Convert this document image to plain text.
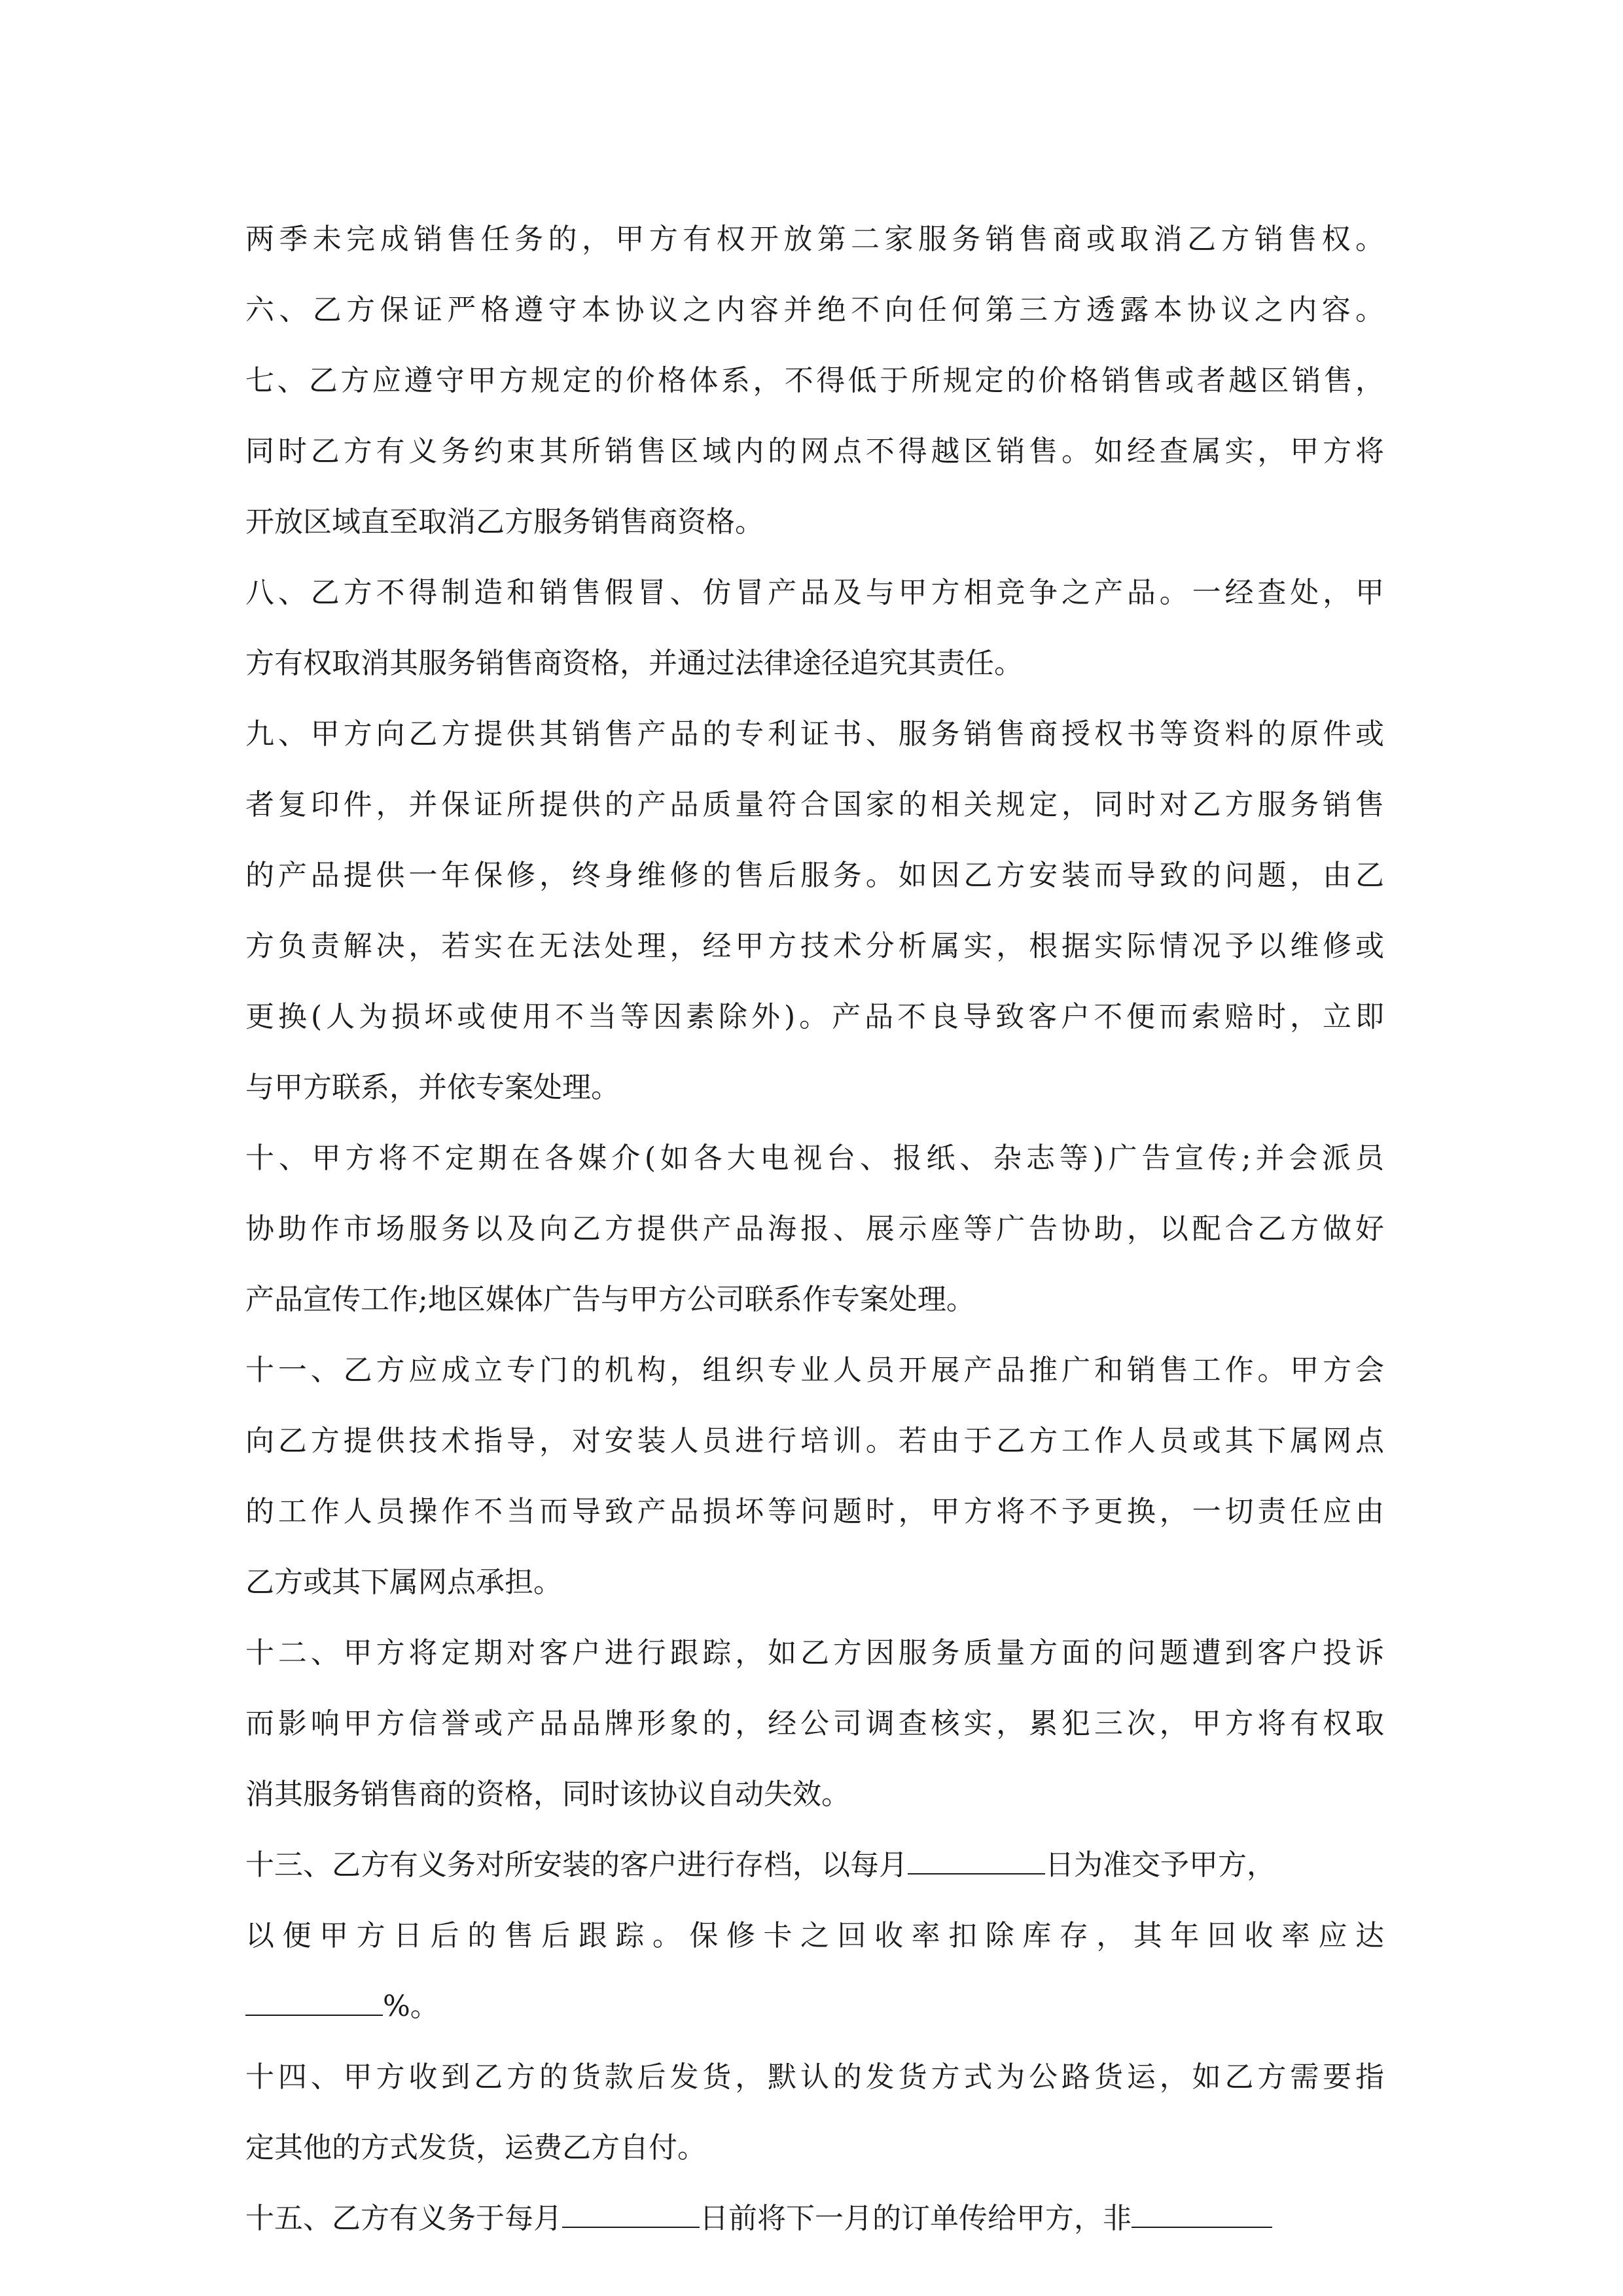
两季未完成销售任务的，甲方有权开放第二家服务销售商或取消乙方销售权。
六、乙方保证严格遵守本协议之内容并绝不向任何第三方透露本协议之内容。
七、乙方应遵守甲方规定的价格体系，不得低于所规定的价格销售或者越区销售，
同时乙方有义务约束其所销售区域内的网点不得越区销售。如经查属实，甲方将
开放区域直至取消乙方服务销售商资格。
八、乙方不得制造和销售假冒、仿冒产品及与甲方相竞争之产品。一经查处，甲
方有权取消其服务销售商资格，并通过法律途径追究其责任。
九、甲方向乙方提供其销售产品的专利证书、服务销售商授权书等资料的原件或
者复印件，并保证所提供的产品质量符合国家的相关规定，同时对乙方服务销售
的产品提供一年保修，终身维修的售后服务。如因乙方安装而导致的问题，由乙
方负责解决，若实在无法处理，经甲方技术分析属实，根据实际情况予以维修或
更换(人为损坏或使用不当等因素除外)。产品不良导致客户不便而索赔时，立即
与甲方联系，并依专案处理。
十、甲方将不定期在各媒介(如各大电视台、报纸、杂志等)广告宣传;并会派员
协助作市场服务以及向乙方提供产品海报、展示座等广告协助，以配合乙方做好
产品宣传工作;地区媒体广告与甲方公司联系作专案处理。
十一、乙方应成立专门的机构，组织专业人员开展产品推广和销售工作。甲方会
向乙方提供技术指导，对安装人员进行培训。若由于乙方工作人员或其下属网点
的工作人员操作不当而导致产品损坏等问题时，甲方将不予更换，一切责任应由
乙方或其下属网点承担。
十二、甲方将定期对客户进行跟踪，如乙方因服务质量方面的问题遭到客户投诉
而影响甲方信誉或产品品牌形象的，经公司调查核实，累犯三次，甲方将有权取
消其服务销售商的资格，同时该协议自动失效。
十三、乙方有义务对所安装的客户进行存档，以每月	日为准交予甲方，
以便甲方日后的售后跟踪。保修卡之回收率扣除库存，其年回收率应达
%。
十四、甲方收到乙方的货款后发货，默认的发货方式为公路货运，如乙方需要指
定其他的方式发货，运费乙方自付。
十五、乙方有义务于每月	日前将下一月的订单传给甲方，非
